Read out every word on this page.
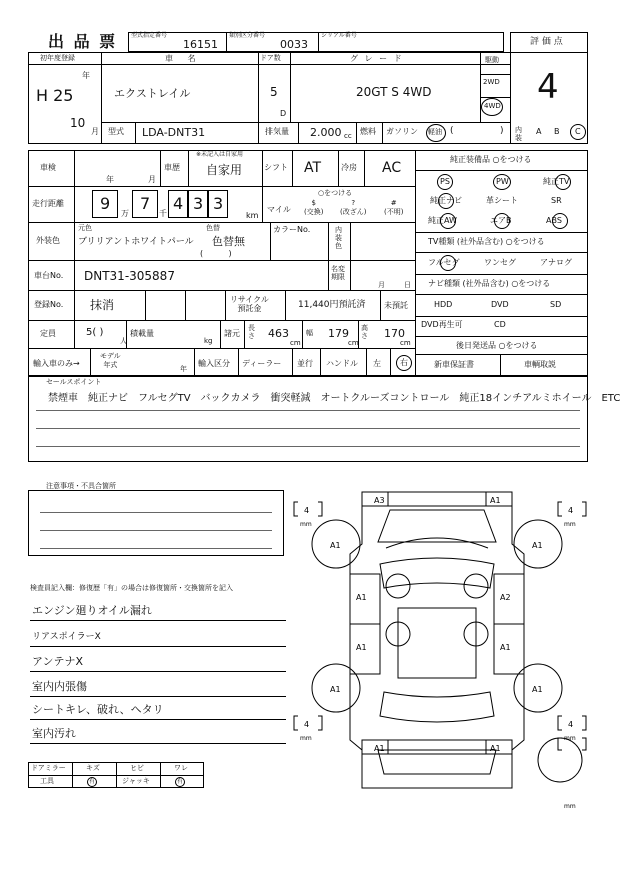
出 品 票 型式指定番号
16151
類別区分番号
0033
シリアル番号
評 価 点
4
初年度登録
年
H 25
10
月
車 名
エクストレイル
ドア数
5
D
グ レ ー ド
20GT S 4WD
駆動
2WD
4WD
型式 LDA-DNT31	排気量 2.000 cc 燃料 ガソリン 軽油 (	) 内装
A B C
車検
年	月
車歴
※未記入は自家用
自家用	シフト AT 冷房 AC
走行距離 9
万
7
千
4 3 3
km
○をつける
マイル
$
(交換)
?
(改ざん)
#
(不明)
外装色
元色
ブリリアントホワイトパール
色替
色替無
(          )
カラーNo.	内
装
色
車台No. DNT31-305887	名変
期限
月	日
登録No. 抹消	リサイクル
預託金	11,440円預託済 未預託
定員	5( )
人
積載量
kg
諸元
長
さ 463
cm
幅 179
cm
高
さ 170
cm
輸入車のみ→
モデル
年式	年
輸入区分 ディーラー 並行 ハンドル 左 右
純正装備品 ○をつける
PS	PW	純正TV
純正ナビ	革シート	SR
純正AW	エアB	ABS
TV種類 (社外品含む) ○をつける
フルセグ	ワンセグ	アナログ
ナビ種類 (社外品含む) ○をつける
HDD	DVD	SD
DVD再生可	CD
後日発送品 ○をつける
新車保証書	車輌取説
セールスポイント
禁煙車　純正ナビ　フルセグTV　バックカメラ　衝突軽減　オートクルーズコントロール　純正18インチアルミホイール　ETC
注意事項・不具合箇所
検査員記入欄：修復歴「有」の場合は修復箇所・交換箇所を記入
エンジン廻りオイル漏れ
リアスポイラーX
アンテナX
室内内張傷
シートキレ、破れ、ヘタリ
室内汚れ
ドアミラー	キズ	ヒビ	ワレ
工具	有	ジャッキ	有
A3	A1
A1	A1
A1	A2
A1	A1
A1	A1
A1	A1
4
mm
4
mm
4
mm
4
mm
mm
